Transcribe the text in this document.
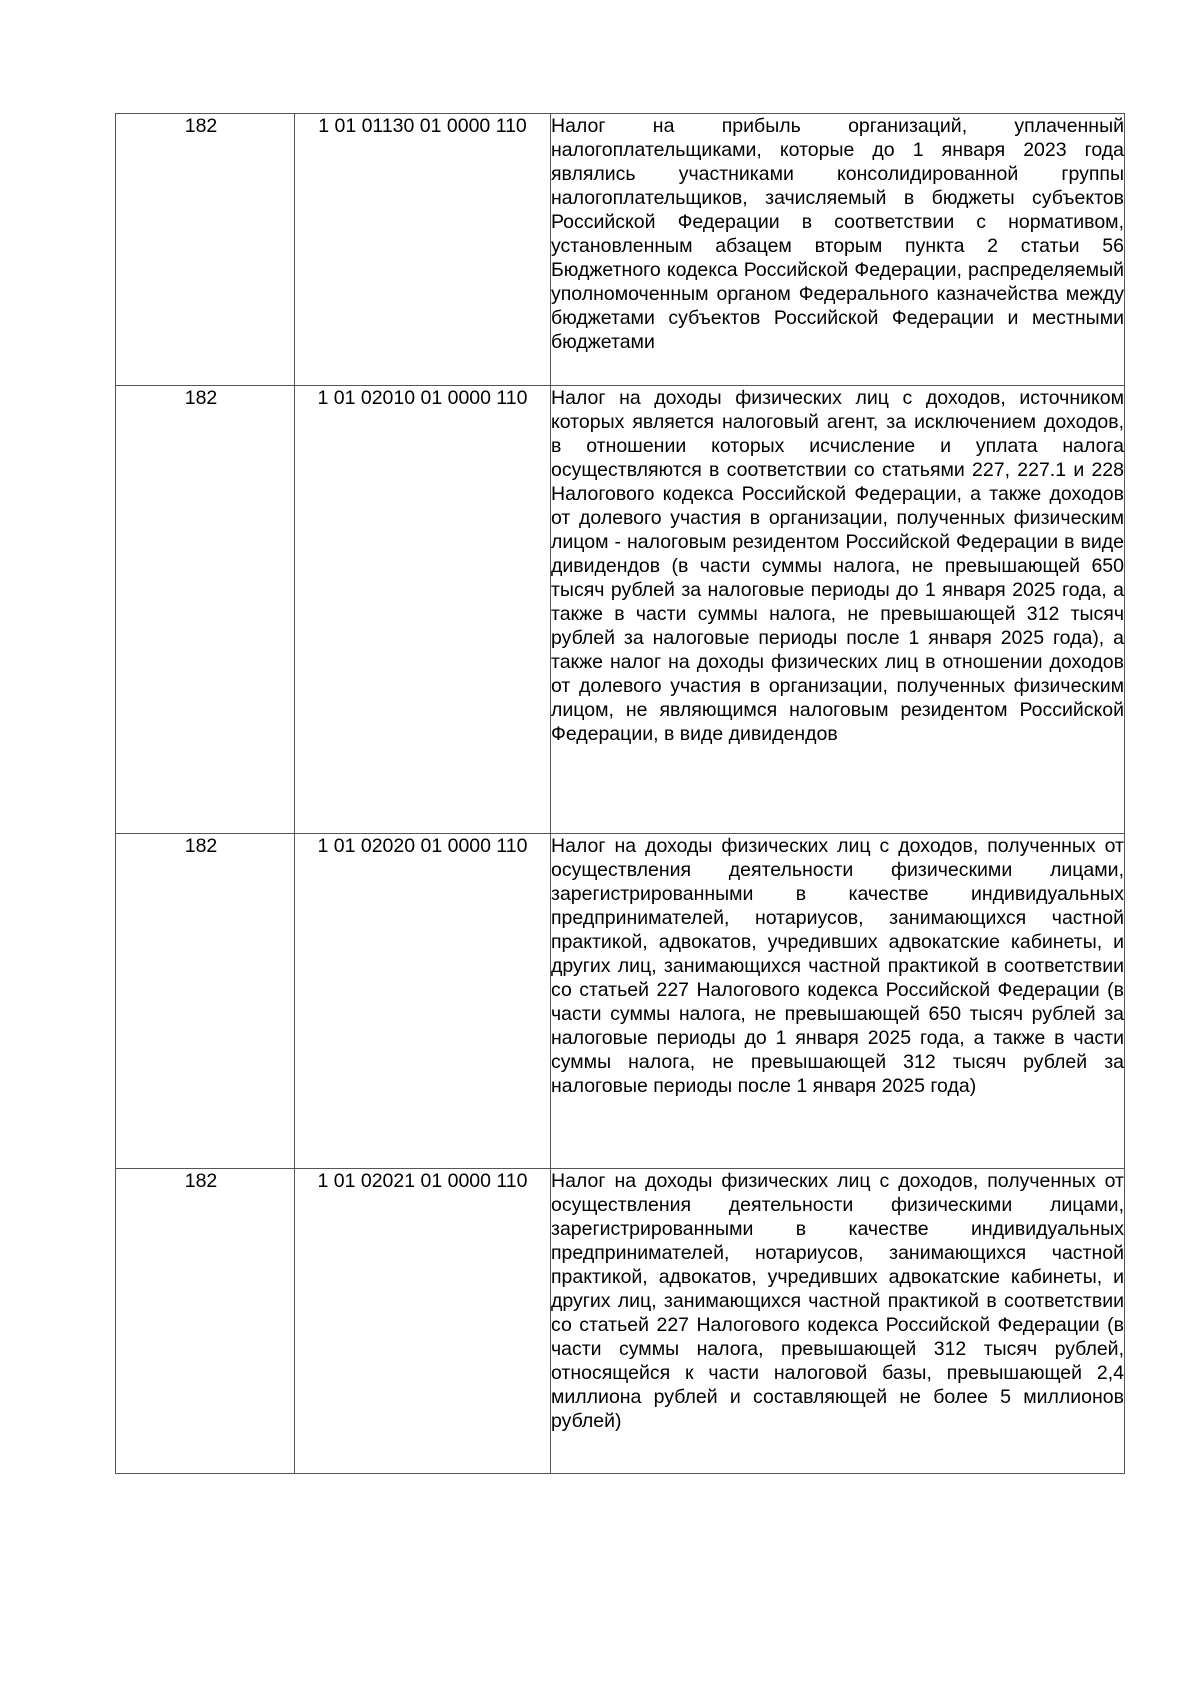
182	1 01 01130 01 0000 110	Налог на прибыль организаций, уплаченный налогоплательщиками, которые до 1 января 2023 года являлись участниками консолидированной группы налогоплательщиков, зачисляемый в бюджеты субъектов Российской Федерации в соответствии с нормативом, установленным абзацем вторым пункта 2 статьи 56 Бюджетного кодекса Российской Федерации, распределяемый уполномоченным органом Федерального казначейства между бюджетами субъектов Российской Федерации и местными бюджетами

182	1 01 02010 01 0000 110	Налог на доходы физических лиц с доходов, источником которых является налоговый агент, за исключением доходов, в отношении которых исчисление и уплата налога осуществляются в соответствии со статьями 227, 227.1 и 228 Налогового кодекса Российской Федерации, а также доходов от долевого участия в организации, полученных физическим лицом - налоговым резидентом Российской Федерации в виде дивидендов (в части суммы налога, не превышающей 650 тысяч рублей за налоговые периоды до 1 января 2025 года, а также в части суммы налога, не превышающей 312 тысяч рублей за налоговые периоды после 1 января 2025 года), а также налог на доходы физических лиц в отношении доходов от долевого участия в организации, полученных физическим лицом, не являющимся налоговым резидентом Российской Федерации, в виде дивидендов

182	1 01 02020 01 0000 110	Налог на доходы физических лиц с доходов, полученных от осуществления деятельности физическими лицами, зарегистрированными в качестве индивидуальных предпринимателей, нотариусов, занимающихся частной практикой, адвокатов, учредивших адвокатские кабинеты, и других лиц, занимающихся частной практикой в соответствии со статьей 227 Налогового кодекса Российской Федерации (в части суммы налога, не превышающей 650 тысяч рублей за налоговые периоды до 1 января 2025 года, а также в части суммы налога, не превышающей 312 тысяч рублей за налоговые периоды после 1 января 2025 года)

182	1 01 02021 01 0000 110	Налог на доходы физических лиц с доходов, полученных от осуществления деятельности физическими лицами, зарегистрированными в качестве индивидуальных предпринимателей, нотариусов, занимающихся частной практикой, адвокатов, учредивших адвокатские кабинеты, и других лиц, занимающихся частной практикой в соответствии со статьей 227 Налогового кодекса Российской Федерации (в части суммы налога, превышающей 312 тысяч рублей, относящейся к части налоговой базы, превышающей 2,4 миллиона рублей и составляющей не более 5 миллионов рублей)
